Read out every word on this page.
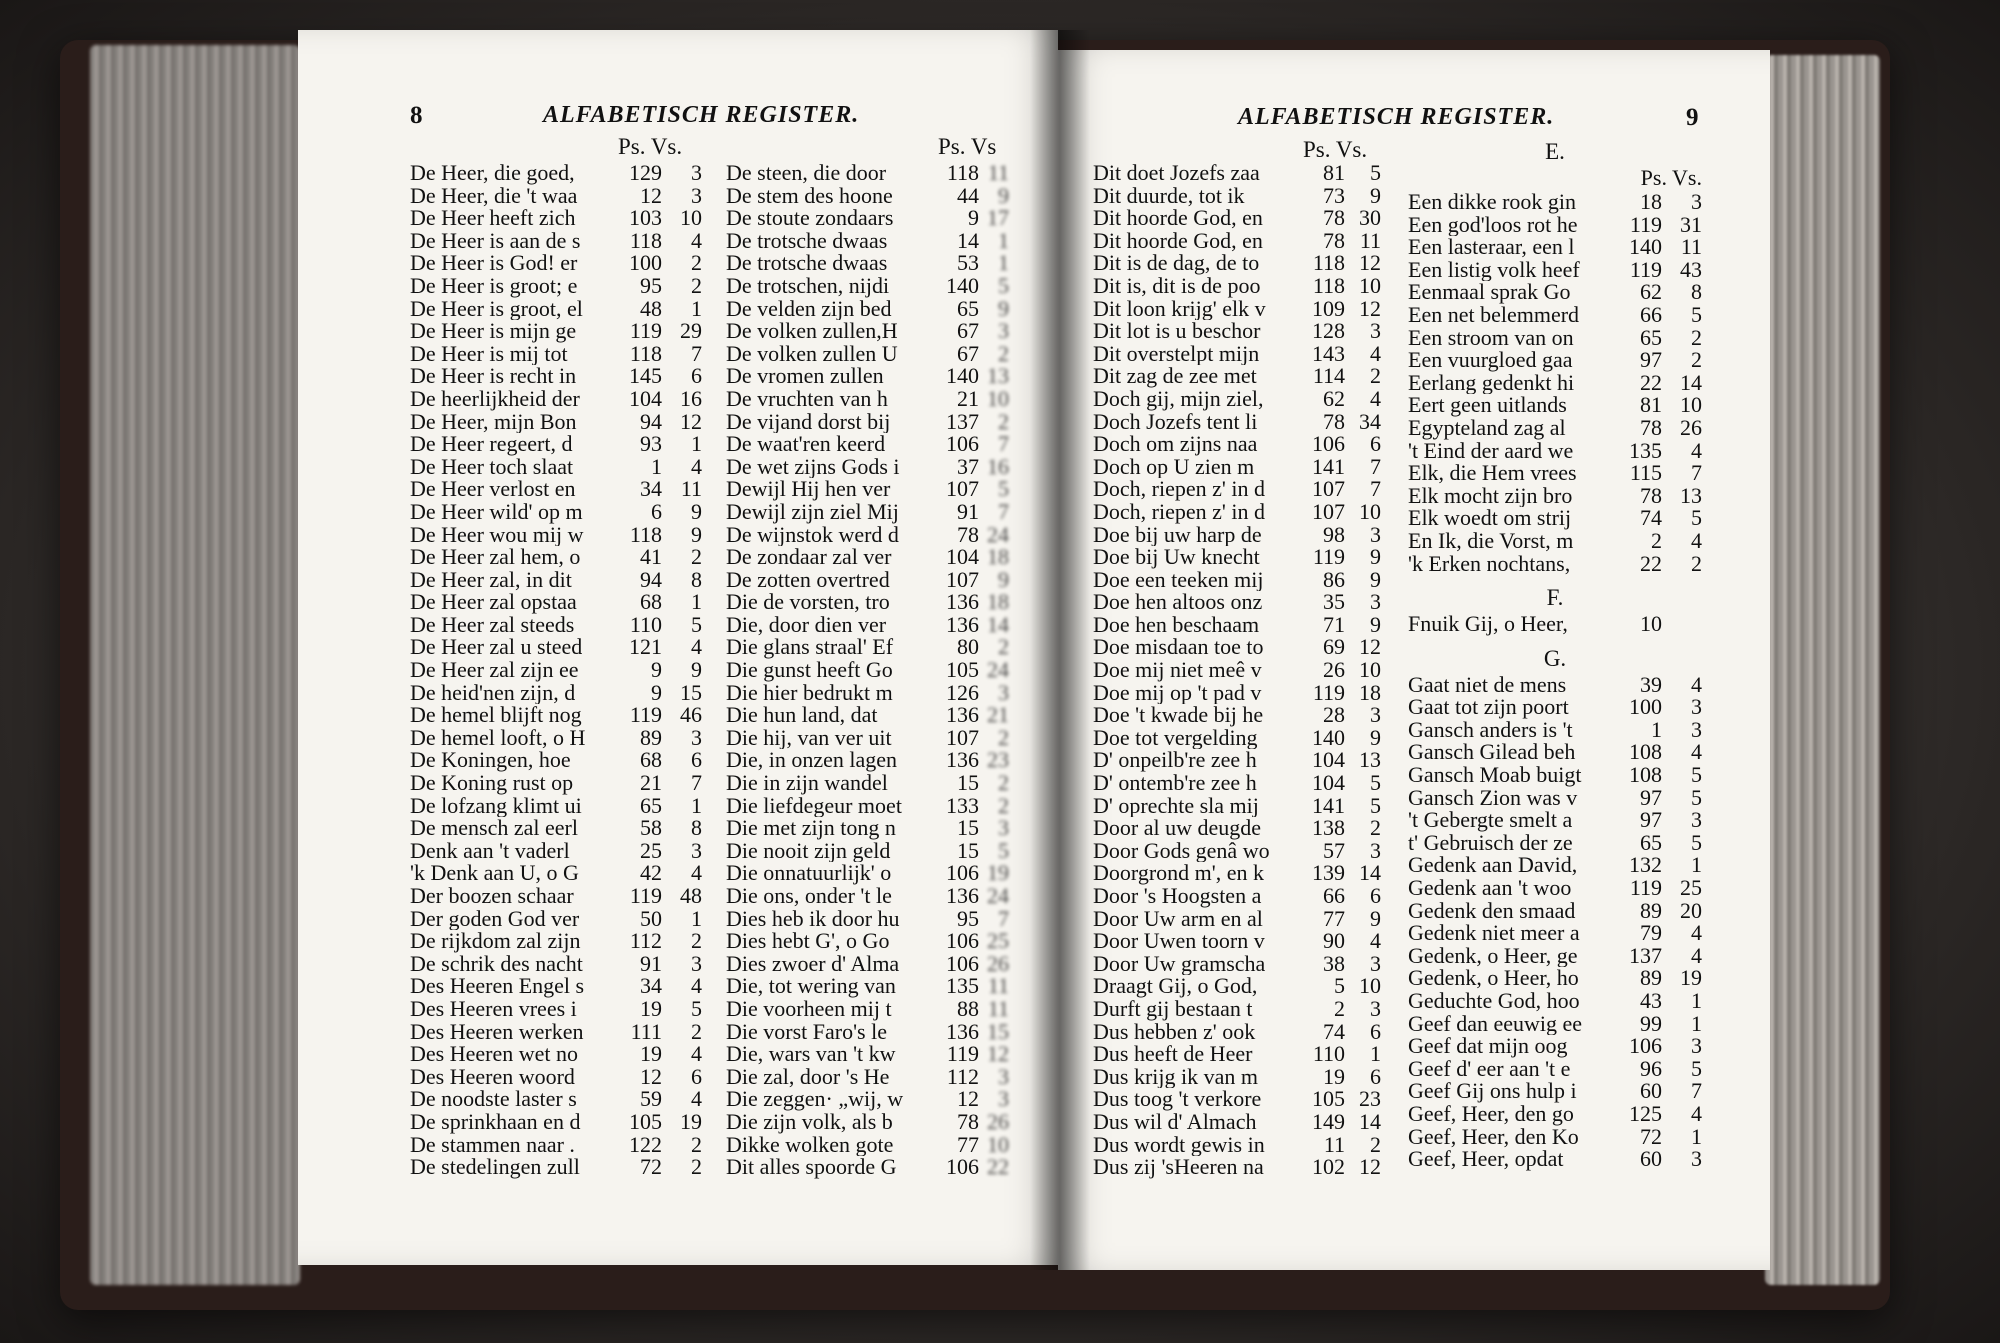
8	ALFABETISCH REGISTER.
Ps. Vs.	Ps. Vs
De Heer, die goed,	129	3
De Heer, die 't waa	12	3
De Heer heeft zich	103 10
De Heer is aan de s	118	4
De Heer is God! er	100	2
De Heer is groot; e	95	2
De Heer is groot, el	48	1
De Heer is mijn ge	119 29
De Heer is mij tot	118	7
De Heer is recht in	145	6
De heerlijkheid der	104 16
De Heer, mijn Bon	94 12
De Heer regeert, d	93	1
De Heer toch slaat	1	4
De Heer verlost en	34 11
De Heer wild' op m	6	9
De Heer wou mij w	118	9
De Heer zal hem, o	41	2
De Heer zal, in dit	94	8
De Heer zal opstaa	68	1
De Heer zal steeds	110	5
De Heer zal u steed	121	4
De Heer zal zijn ee	9	9
De heid'nen zijn, d	9 15
De hemel blijft nog	119 46
De hemel looft, o H	89	3
De Koningen, hoe	68	6
De Koning rust op	21	7
De lofzang klimt ui	65	1
De mensch zal eerl	58	8
Denk aan 't vaderl	25	3
'k Denk aan U, o G	42	4
Der boozen schaar	119 48
Der goden God ver	50	1
De rijkdom zal zijn	112	2
De schrik des nacht	91	3
Des Heeren Engel s	34	4
Des Heeren vrees i	19	5
Des Heeren werken	111	2
Des Heeren wet no	19	4
Des Heeren woord	12	6
De noodste laster s	59	4
De sprinkhaan en d	105 19
De stammen naar .	122	2
De stedelingen zull	72	2
De steen, die door	118 11
De stem des hoone	44 9
De stoute zondaars	9 17
De trotsche dwaas	14 1
De trotsche dwaas	53 1
De trotschen, nijdi	140 5
De velden zijn bed	65 9
De volken zullen,H	67 3
De volken zullen U	67 2
De vromen zullen	140 13
De vruchten van h	21 10
De vijand dorst bij	137 2
De waat'ren keerd	106 7
De wet zijns Gods i	37 16
Dewijl Hij hen ver	107 5
Dewijl zijn ziel Mij	91 7
De wijnstok werd d	78 24
De zondaar zal ver	104 18
De zotten overtred	107 9
Die de vorsten, tro	136 18
Die, door dien ver	136 14
Die glans straal' Ef	80 2
Die gunst heeft Go	105 24
Die hier bedrukt m	126 3
Die hun land, dat	136 21
Die hij, van ver uit	107 2
Die, in onzen lagen	136 23
Die in zijn wandel	15 2
Die liefdegeur moet	133 2
Die met zijn tong n	15 3
Die nooit zijn geld	15 5
Die onnatuurlijk' o	106 19
Die ons, onder 't le	136 24
Dies heb ik door hu	95 7
Dies hebt G', o Go	106 25
Dies zwoer d' Alma	106 26
Die, tot wering van	135 11
Die voorheen mij t	88 11
Die vorst Faro's le	136 15
Die, wars van 't kw	119 12
Die zal, door 's He	112 3
Die zeggen· „wij, w	12 3
Die zijn volk, als b	78 26
Dikke wolken gote	77 10
Dit alles spoorde G	106 22
ALFABETISCH REGISTER.	9
Ps. Vs.
Dit doet Jozefs zaa	81	5
Dit duurde, tot ik	73	9
Dit hoorde God, en	78 30
Dit hoorde God, en	78 11
Dit is de dag, de to	118 12
Dit is, dit is de poo	118 10
Dit loon krijg' elk v	109 12
Dit lot is u beschor	128	3
Dit overstelpt mijn	143	4
Dit zag de zee met	114	2
Doch gij, mijn ziel,	62	4
Doch Jozefs tent li	78 34
Doch om zijns naa	106	6
Doch op U zien m	141	7
Doch, riepen z' in d	107	7
Doch, riepen z' in d	107 10
Doe bij uw harp de	98	3
Doe bij Uw knecht	119	9
Doe een teeken mij	86	9
Doe hen altoos onz	35	3
Doe hen beschaam	71	9
Doe misdaan toe to	69 12
Doe mij niet meê v	26 10
Doe mij op 't pad v	119 18
Doe 't kwade bij he	28	3
Doe tot vergelding	140	9
D' onpeilb're zee h	104 13
D' ontemb're zee h	104	5
D' oprechte sla mij	141	5
Door al uw deugde	138	2
Door Gods genâ wo	57	3
Doorgrond m', en k	139 14
Door 's Hoogsten a	66	6
Door Uw arm en al	77	9
Door Uwen toorn v	90	4
Door Uw gramscha	38	3
Draagt Gij, o God,	5 10
Durft gij bestaan t	2	3
Dus hebben z' ook	74	6
Dus heeft de Heer	110	1
Dus krijg ik van m	19	6
Dus toog 't verkore	105 23
Dus wil d' Almach	149 14
Dus wordt gewis in	11	2
Dus zij 'sHeeren na	102 12
E.
Ps. Vs.
Een dikke rook gin	18	3
Een god'loos rot he	119 31
Een lasteraar, een l	140 11
Een listig volk heef	119 43
Eenmaal sprak Go	62	8
Een net belemmerd	66	5
Een stroom van on	65	2
Een vuurgloed gaa	97	2
Eerlang gedenkt hi	22 14
Eert geen uitlands	81 10
Egypteland zag al	78 26
't Eind der aard we	135	4
Elk, die Hem vrees	115	7
Elk mocht zijn bro	78 13
Elk woedt om strij	74	5
En Ik, die Vorst, m	2	4
'k Erken nochtans,	22	2
F.
Fnuik Gij, o Heer,	10
G.
Gaat niet de mens	39	4
Gaat tot zijn poort	100	3
Gansch anders is 't	1	3
Gansch Gilead beh	108	4
Gansch Moab buigt	108	5
Gansch Zion was v	97	5
't Gebergte smelt a	97	3
t' Gebruisch der ze	65	5
Gedenk aan David,	132	1
Gedenk aan 't woo	119 25
Gedenk den smaad	89 20
Gedenk niet meer a	79	4
Gedenk, o Heer, ge	137	4
Gedenk, o Heer, ho	89 19
Geduchte God, hoo	43	1
Geef dan eeuwig ee	99	1
Geef dat mijn oog	106	3
Geef d' eer aan 't e	96	5
Geef Gij ons hulp i	60	7
Geef, Heer, den go	125	4
Geef, Heer, den Ko	72	1
Geef, Heer, opdat	60	3
